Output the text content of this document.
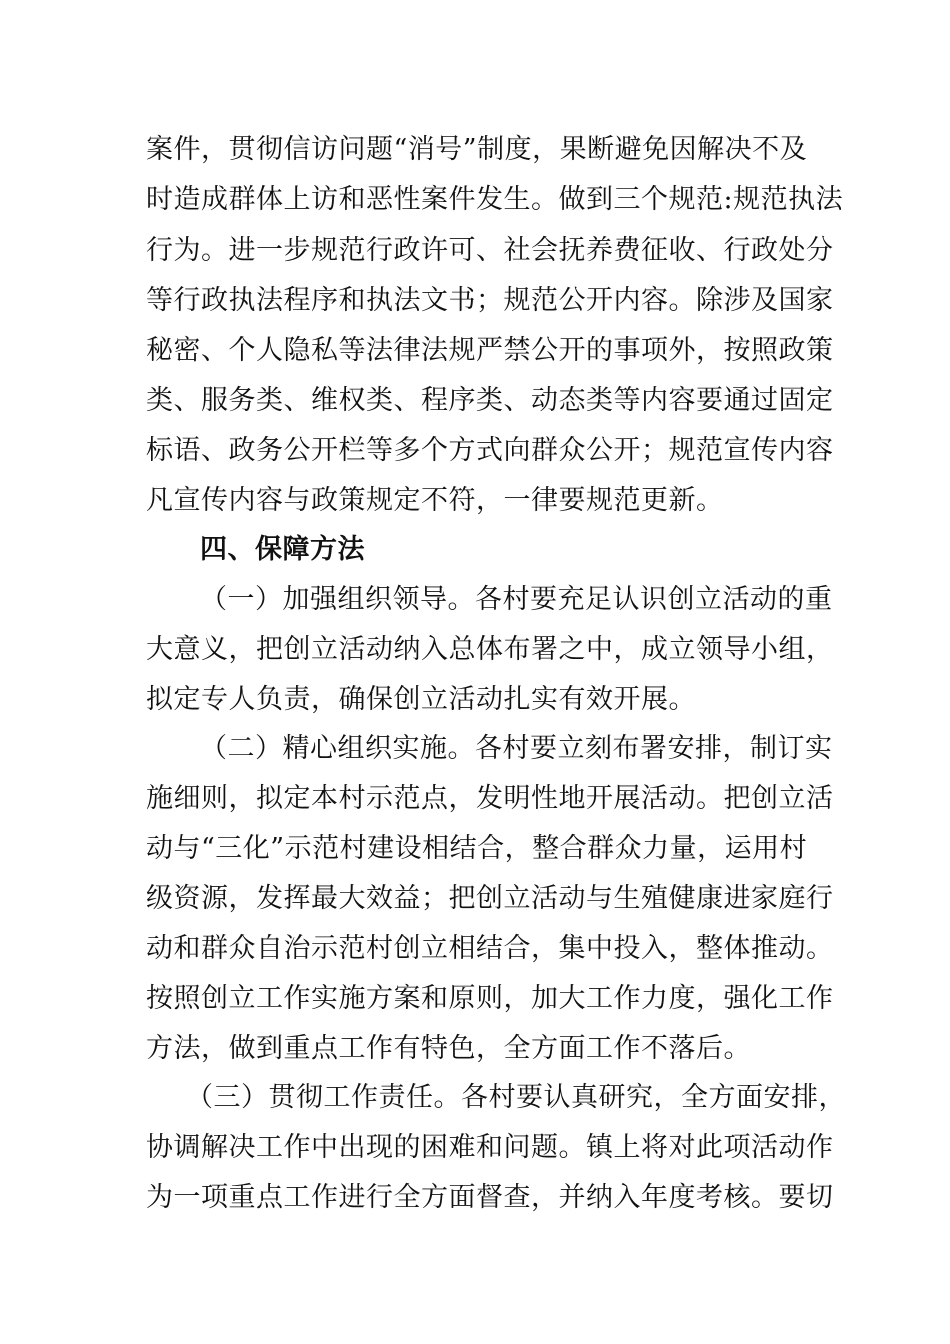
案件，贯彻信访问题“消号”制度，果断避免因解决不及
时造成群体上访和恶性案件发生。做到三个规范:规范执法
行为。进一步规范行政许可、社会抚养费征收、行政处分
等行政执法程序和执法文书；规范公开内容。除涉及国家
秘密、个人隐私等法律法规严禁公开的事项外，按照政策
类、服务类、维权类、程序类、动态类等内容要通过固定
标语、政务公开栏等多个方式向群众公开；规范宣传内容
凡宣传内容与政策规定不符，一律要规范更新。
四、保障方法
（一）加强组织领导。各村要充足认识创立活动的重
大意义，把创立活动纳入总体布署之中，成立领导小组，
拟定专人负责，确保创立活动扎实有效开展。
（二）精心组织实施。各村要立刻布署安排，制订实
施细则，拟定本村示范点，发明性地开展活动。把创立活
动与“三化”示范村建设相结合，整合群众力量，运用村
级资源，发挥最大效益；把创立活动与生殖健康进家庭行
动和群众自治示范村创立相结合，集中投入，整体推动。
按照创立工作实施方案和原则，加大工作力度，强化工作
方法，做到重点工作有特色，全方面工作不落后。
（三）贯彻工作责任。各村要认真研究，全方面安排，
协调解决工作中出现的困难和问题。镇上将对此项活动作
为一项重点工作进行全方面督查，并纳入年度考核。要切
